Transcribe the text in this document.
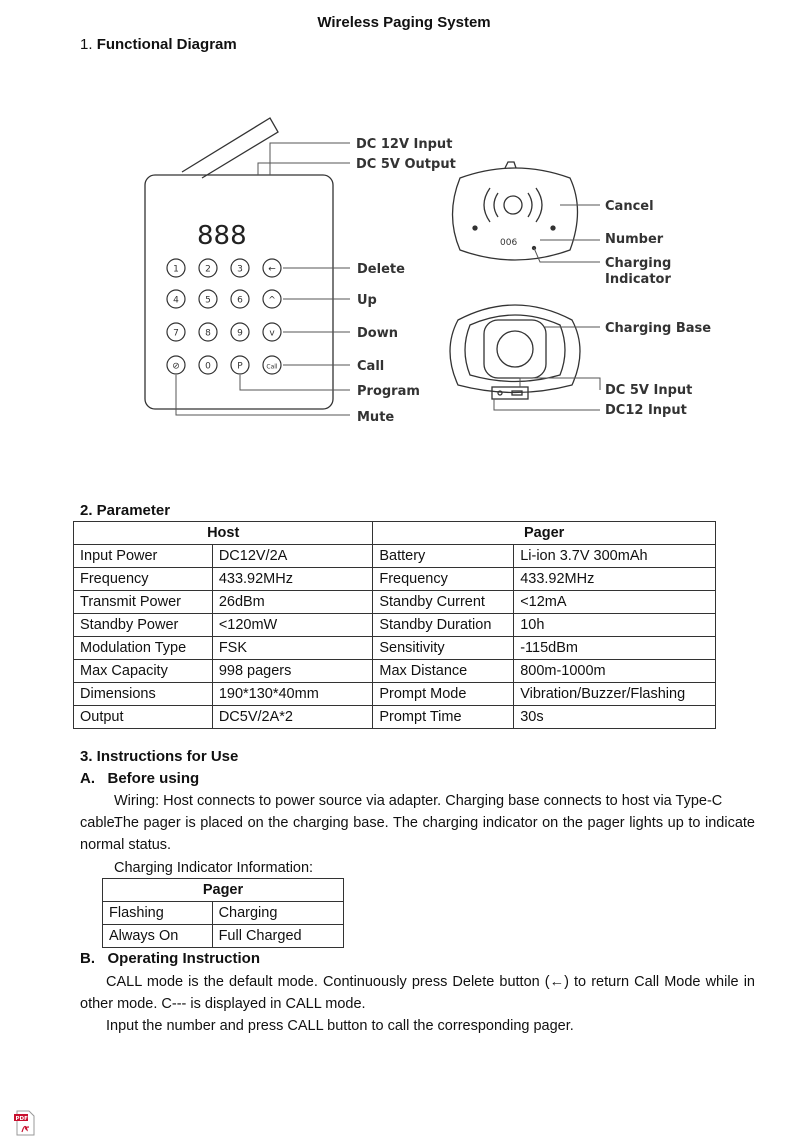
Wireless Paging System
1. Functional Diagram
888
1	2	3	←
4	5	6	^
7	8	9	v
⊘	0	P	Call
DC 12V Input
DC 5V Output
Delete
Up
Down
Call
Program
Mute
006
Cancel
Number
Charging
Indicator
Charging Base
DC 5V Input
DC12 Input
2. Parameter
Host		Pager	
Input Power	DC12V/2A	Battery	Li-ion 3.7V 300mAh
Frequency	433.92MHz	Frequency	433.92MHz
Transmit Power	26dBm	Standby Current	<12mA
Standby Power	<120mW	Standby Duration	10h
Modulation Type	FSK	Sensitivity	-115dBm
Max Capacity	998 pagers	Max Distance	800m-1000m
Dimensions	190*130*40mm	Prompt Mode	Vibration/Buzzer/Flashing
Output	DC5V/2A*2	Prompt Time	30s
3. Instructions for Use
A.   Before using
Wiring: Host connects to power source via adapter. Charging base connects to host via Type-C cable.
The pager is placed on the charging base. The charging indicator on the pager lights up to indicate normal status.
Charging Indicator Information:
Pager	
Flashing	Charging
Always On	Full Charged
B.   Operating Instruction
CALL mode is the default mode. Continuously press Delete button (←) to return Call Mode while in other mode. C--- is displayed in CALL mode.
Input the number and press CALL button to call the corresponding pager.
PDF
